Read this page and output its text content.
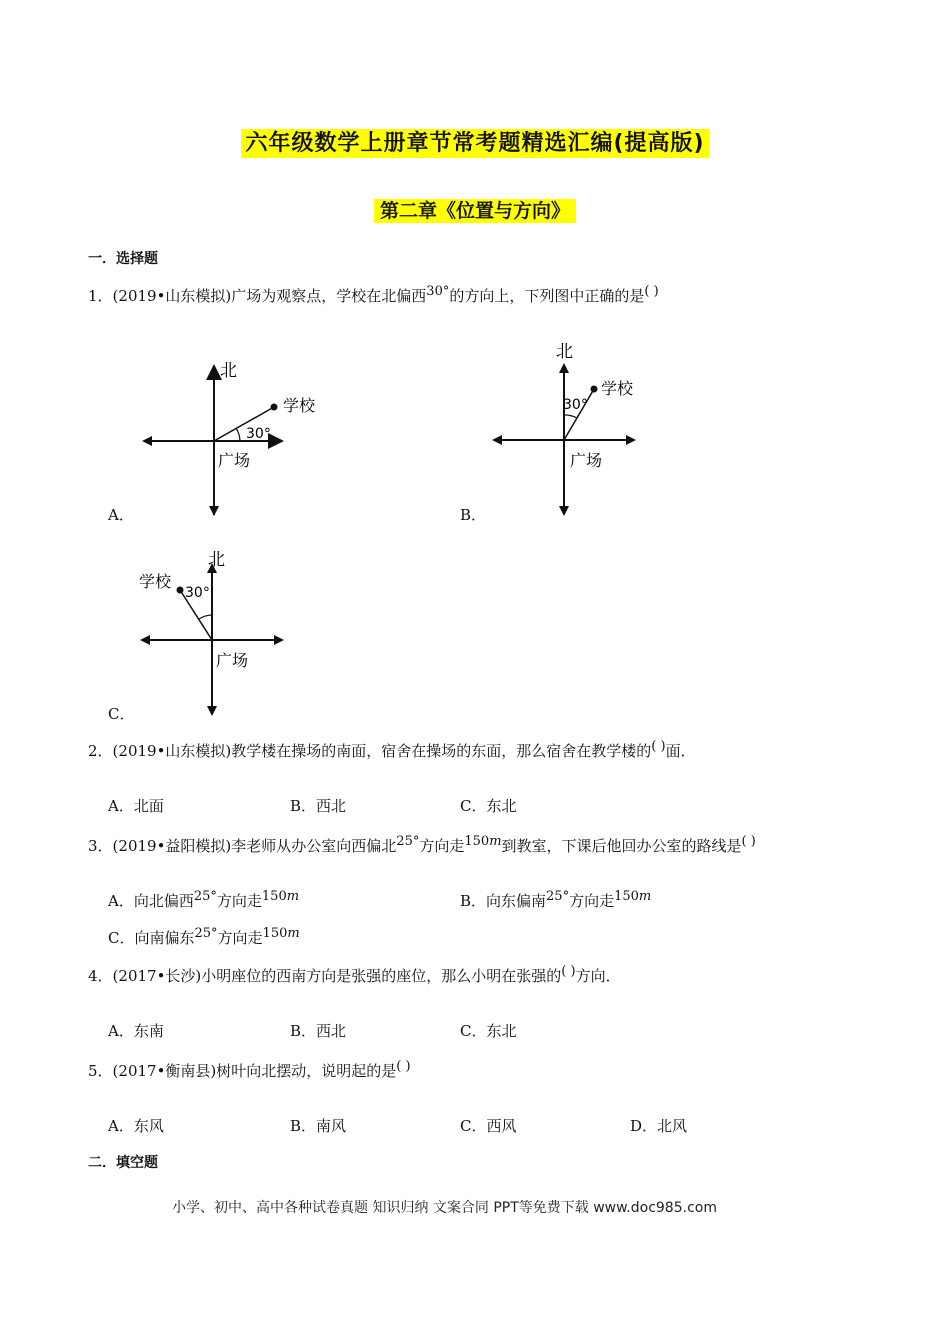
六年级数学上册章节常考题精选汇编(提高版)
第二章《位置与方向》
一．选择题
1．(2019•山东模拟)广场为观察点，学校在北偏西30°的方向上，下列图中正确的是( )
北
学校
30°
广场
A．
北
学校
30°
广场
B．
北
学校
30°
广场
C．
2．(2019•山东模拟)教学楼在操场的南面，宿舍在操场的东面，那么宿舍在教学楼的( )面．
A．北面	B．西北	C．东北
3．(2019•益阳模拟)李老师从办公室向西偏北25°方向走150m到教室，下课后他回办公室的路线是( )
A．向北偏西25°方向走150m	B．向东偏南25°方向走150m
C．向南偏东25°方向走150m
4．(2017•长沙)小明座位的西南方向是张强的座位，那么小明在张强的( )方向．
A．东南	B．西北	C．东北
5．(2017•衡南县)树叶向北摆动，说明起的是( )
A．东风	B．南风	C．西风	D．北风
二．填空题
小学、初中、高中各种试卷真题 知识归纳 文案合同 PPT等免费下载 www.doc985.com
